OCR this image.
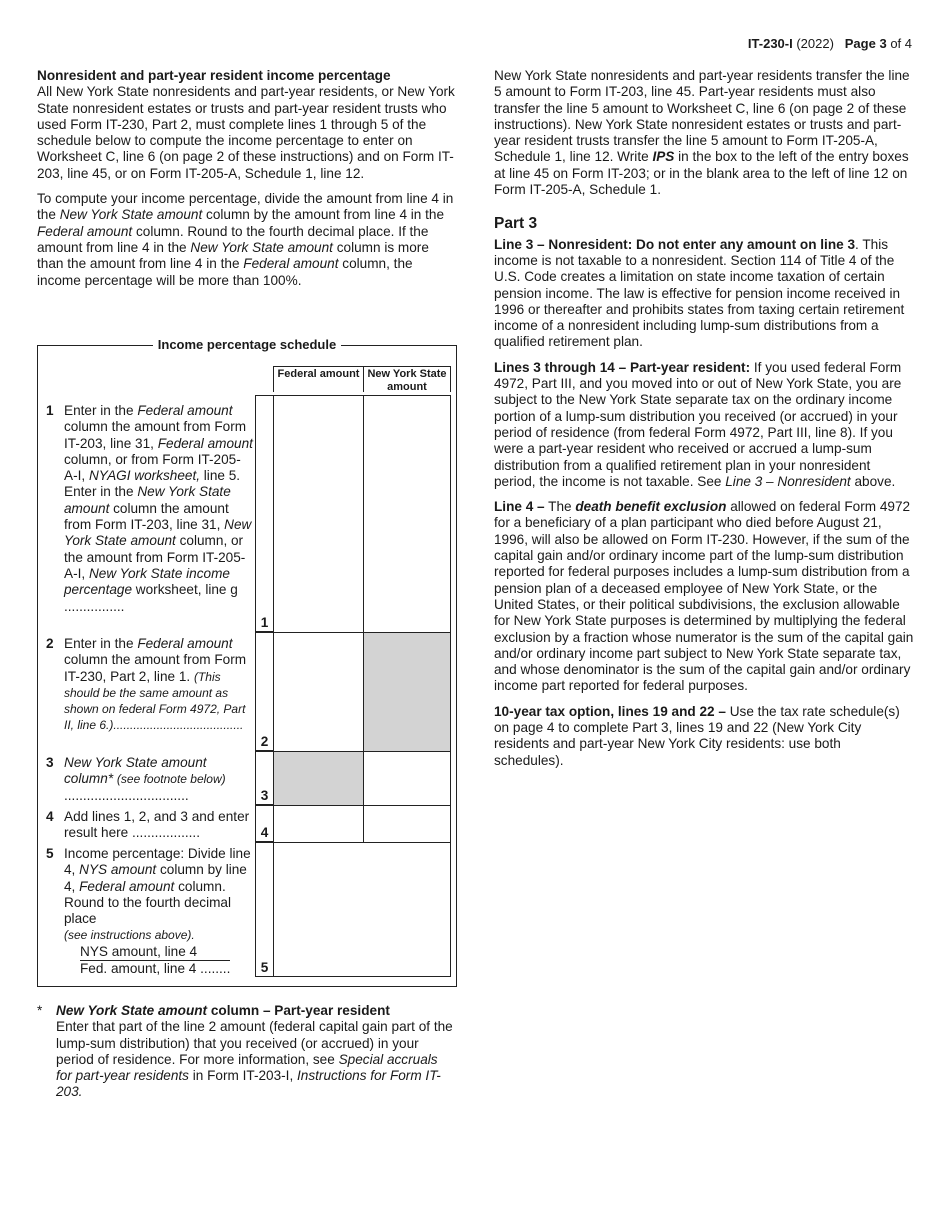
IT-230-I (2022) Page 3 of 4
Nonresident and part-year resident income percentage

All New York State nonresidents and part-year residents, or New York State nonresident estates or trusts and part-year resident trusts who used Form IT-230, Part 2, must complete lines 1 through 5 of the schedule below to compute the income percentage to enter on Worksheet C, line 6 (on page 2 of these instructions) and on Form IT-203, line 45, or on Form IT-205-A, Schedule 1, line 12.

To compute your income percentage, divide the amount from line 4 in the New York State amount column by the amount from line 4 in the Federal amount column. Round to the fourth decimal place. If the amount from line 4 in the New York State amount column is more than the amount from line 4 in the Federal amount column, the income percentage will be more than 100%.

Income percentage schedule
Federal amount New York State amount
1 Enter in the Federal amount column the amount from Form IT-203, line 31, Federal amount column, or from Form IT-205-A-I, NYAGI worksheet, line 5. Enter in the New York State amount column the amount from Form IT-203, line 31, New York State amount column, or the amount from Form IT-205-A-I, New York State income percentage worksheet, line g ................
1
2 Enter in the Federal amount column the amount from Form IT-230, Part 2, line 1. (This should be the same amount as shown on federal Form 4972, Part II, line 6.).......................................
2
3 New York State amount column* (see footnote below) .................................	3
4 Add lines 1, 2, and 3 and enter result here ..................	4
5 Income percentage: Divide line 4, NYS amount column by line 4, Federal amount column. Round to the fourth decimal place
(see instructions above).

NYS amount, line 4
Fed. amount, line 4 ........	5
* New York State amount column – Part-year resident
Enter that part of the line 2 amount (federal capital gain part of the lump-sum distribution) that you received (or accrued) in your period of residence. For more information, see Special accruals for part-year residents in Form IT-203-I, Instructions for Form IT-203.

New York State nonresidents and part-year residents transfer the line 5 amount to Form IT-203, line 45. Part-year residents must also transfer the line 5 amount to Worksheet C, line 6 (on page 2 of these instructions). New York State nonresident estates or trusts and part-year resident trusts transfer the line 5 amount to Form IT-205-A, Schedule 1, line 12. Write IPS in the box to the left of the entry boxes at line 45 on Form IT-203; or in the blank area to the left of line 12 on Form IT-205-A, Schedule 1.

Part 3

Line 3 – Nonresident: Do not enter any amount on line 3. This income is not taxable to a nonresident. Section 114 of Title 4 of the U.S. Code creates a limitation on state income taxation of certain pension income. The law is effective for pension income received in 1996 or thereafter and prohibits states from taxing certain retirement income of a nonresident including lump-sum distributions from a qualified retirement plan.

Lines 3 through 14 – Part-year resident: If you used federal Form 4972, Part III, and you moved into or out of New York State, you are subject to the New York State separate tax on the ordinary income portion of a lump-sum distribution you received (or accrued) in your period of residence (from federal Form 4972, Part III, line 8). If you were a part-year resident who received or accrued a lump-sum distribution from a qualified retirement plan in your nonresident period, the income is not taxable. See Line 3 – Nonresident above.

Line 4 – The death benefit exclusion allowed on federal Form 4972 for a beneficiary of a plan participant who died before August 21, 1996, will also be allowed on Form IT-230. However, if the sum of the capital gain and/or ordinary income part of the lump-sum distribution reported for federal purposes includes a lump-sum distribution from a pension plan of a deceased employee of New York State, or the United States, or their political subdivisions, the exclusion allowable for New York State purposes is determined by multiplying the federal exclusion by a fraction whose numerator is the sum of the capital gain and/or ordinary income part subject to New York State separate tax, and whose denominator is the sum of the capital gain and/or ordinary income part reported for federal purposes.

10-year tax option, lines 19 and 22 – Use the tax rate schedule(s) on page 4 to complete Part 3, lines 19 and 22 (New York City residents and part-year New York City residents: use both schedules).
